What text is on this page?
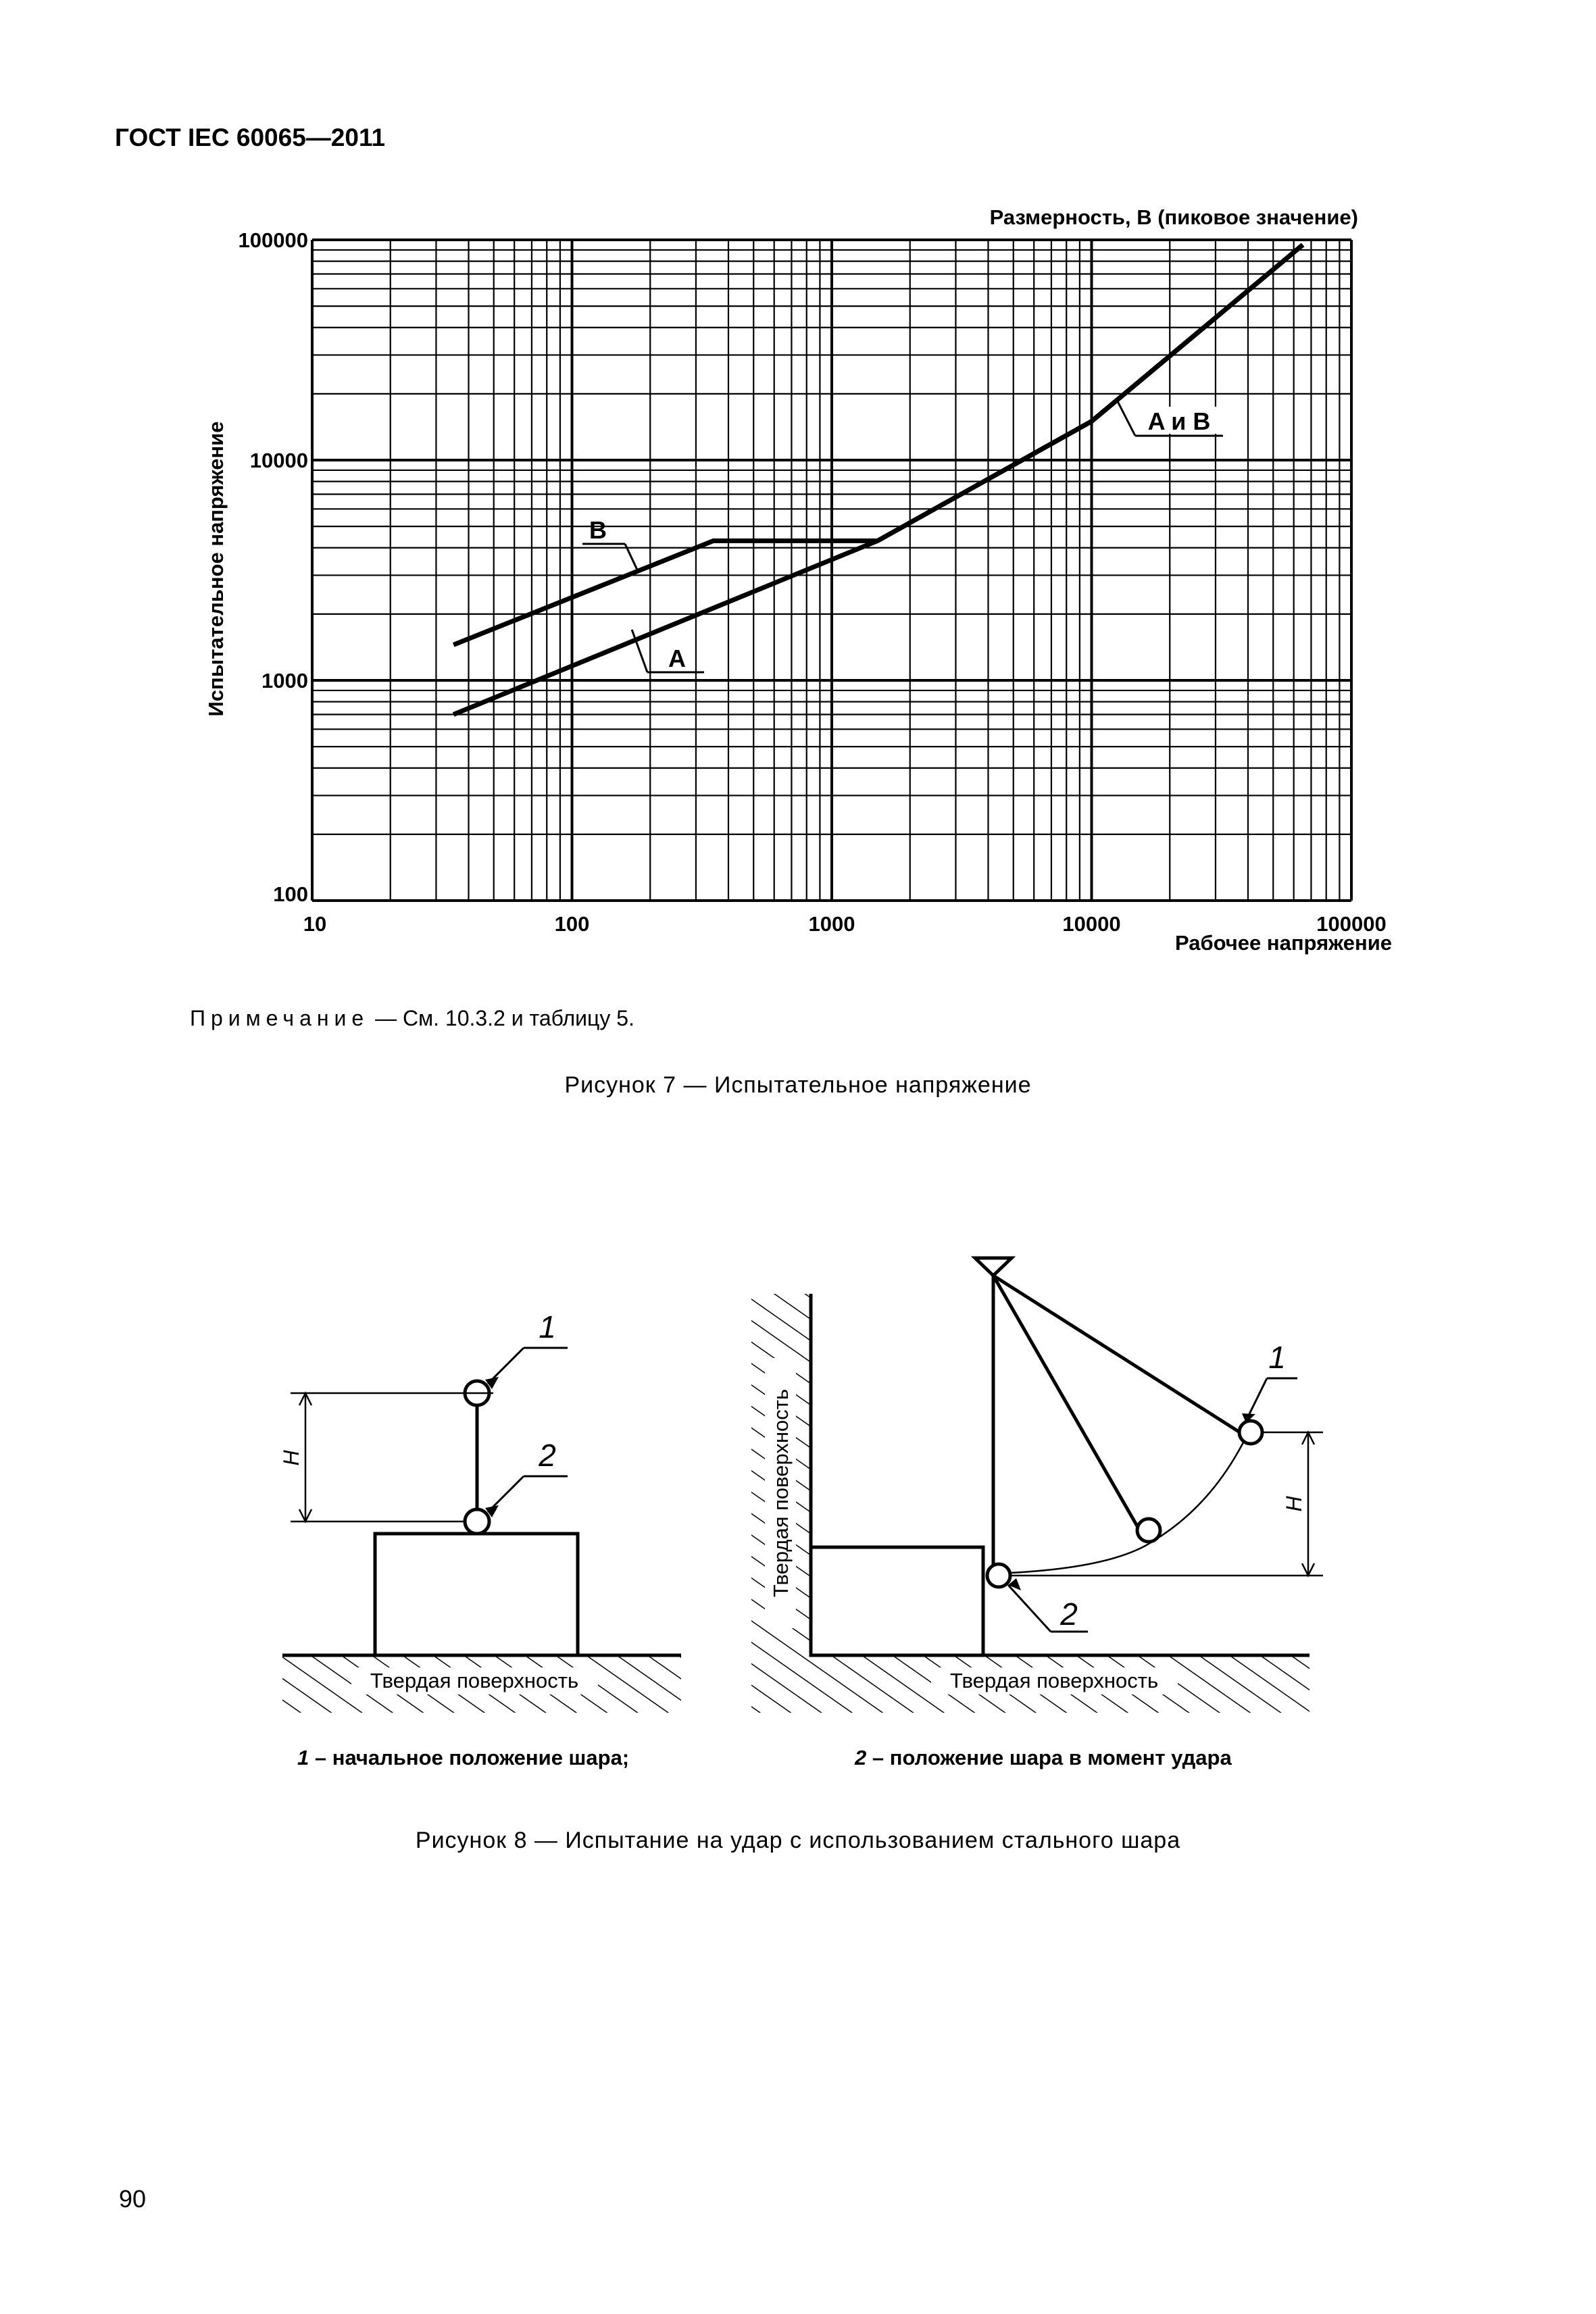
ГОСТ IEC 60065—2011
10	100	1000	10000	100000
100
1000
10000
100000
A
B
A и B
Размерность, В (пиковое значение)
Рабочее напряжение
Испытательное напряжение
Примечание — См. 10.3.2 и таблицу 5.
Рисунок 7 — Испытательное напряжение
Твердая поверхность	Твердая поверхность
Твердая поверхность
H
H
1
2
1
2
1 – начальное положение шара;	2 – положение шара в момент удара
Рисунок 8 — Испытание на удар с использованием стального шара
90
